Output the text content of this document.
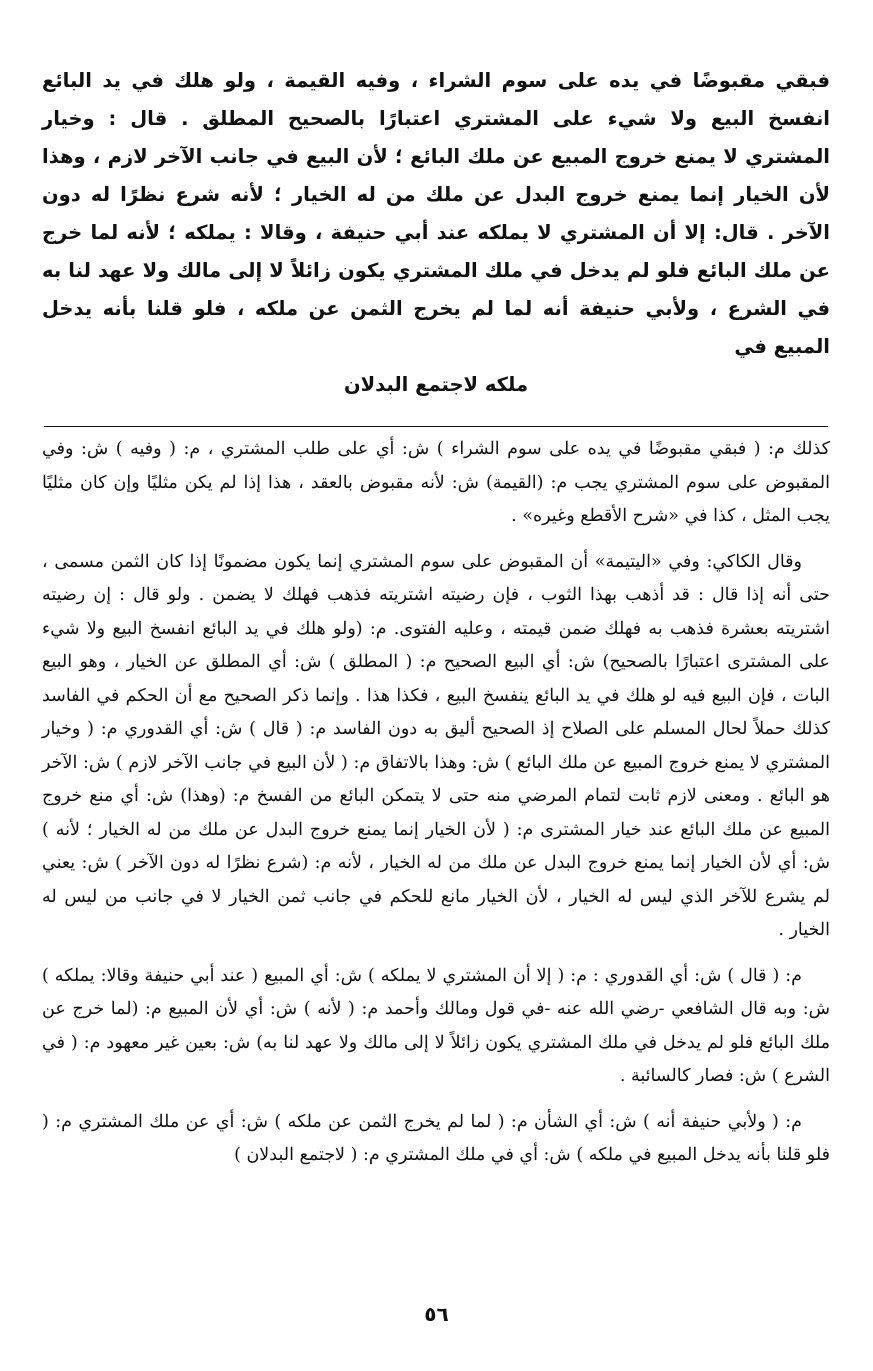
فبقي مقبوضًا في يده على سوم الشراء ، وفيه القيمة ، ولو هلك في يد البائع انفسخ البيع ولا شيء على المشتري اعتبارًا بالصحيح المطلق . قال : وخيار المشتري لا يمنع خروج المبيع عن ملك البائع ؛ لأن البيع في جانب الآخر لازم ، وهذا لأن الخيار إنما يمنع خروج البدل عن ملك من له الخيار ؛ لأنه شرع نظرًا له دون الآخر . قال: إلا أن المشتري لا يملكه عند أبي حنيفة ، وقالا : يملكه ؛ لأنه لما خرج عن ملك البائع فلو لم يدخل في ملك المشتري يكون زائلاً لا إلى مالك ولا عهد لنا به في الشرع ، ولأبي حنيفة أنه لما لم يخرج الثمن عن ملكه ، فلو قلنا بأنه يدخل المبيع في
ملكه لاجتمع البدلان

كذلك م: ( فبقي مقبوضًا في يده على سوم الشراء ) ش: أي على طلب المشتري ، م: ( وفيه ) ش: وفي المقبوض على سوم المشتري يجب م: (القيمة) ش: لأنه مقبوض بالعقد ، هذا إذا لم يكن مثليًا وإن كان مثليًا يجب المثل ، كذا في «شرح الأقطع وغيره» .

وقال الكاكي: وفي «اليتيمة» أن المقبوض على سوم المشتري إنما يكون مضمونًا إذا كان الثمن مسمى ، حتى أنه إذا قال : قد أذهب بهذا الثوب ، فإن رضيته اشتريته فذهب فهلك لا يضمن . ولو قال : إن رضيته اشتريته بعشرة فذهب به فهلك ضمن قيمته ، وعليه الفتوى. م: (ولو هلك في يد البائع انفسخ البيع ولا شيء على المشترى اعتبارًا بالصحيح) ش: أي البيع الصحيح م: ( المطلق ) ش: أي المطلق عن الخيار ، وهو البيع البات ، فإن البيع فيه لو هلك في يد البائع ينفسخ البيع ، فكذا هذا . وإنما ذكر الصحيح مع أن الحكم في الفاسد كذلك حملاً لحال المسلم على الصلاح إذ الصحيح أليق به دون الفاسد م: ( قال ) ش: أي القدوري م: ( وخيار المشتري لا يمنع خروج المبيع عن ملك البائع ) ش: وهذا بالاتفاق م: ( لأن البيع في جانب الآخر لازم ) ش: الآخر هو البائع . ومعنى لازم ثابت لتمام المرضي منه حتى لا يتمكن البائع من الفسخ م: (وهذا) ش: أي منع خروج المبيع عن ملك البائع عند خيار المشترى م: ( لأن الخيار إنما يمنع خروج البدل عن ملك من له الخيار ؛ لأنه ) ش: أي لأن الخيار إنما يمنع خروج البدل عن ملك من له الخيار ، لأنه م: (شرع نظرًا له دون الآخر ) ش: يعني لم يشرع للآخر الذي ليس له الخيار ، لأن الخيار مانع للحكم في جانب ثمن الخيار لا في جانب من ليس له الخيار .

م: ( قال ) ش: أي القدوري : م: ( إلا أن المشتري لا يملكه ) ش: أي المبيع ( عند أبي حنيفة وقالا: يملكه ) ش: وبه قال الشافعي -رضي الله عنه -في قول ومالك وأحمد م: ( لأنه ) ش: أي لأن المبيع م: (لما خرج عن ملك البائع فلو لم يدخل في ملك المشتري يكون زائلاً لا إلى مالك ولا عهد لنا به) ش: بعين غير معهود م: ( في الشرع ) ش: فصار كالسائبة .

م: ( ولأبي حنيفة أنه ) ش: أي الشأن م: ( لما لم يخرج الثمن عن ملكه ) ش: أي عن ملك المشتري م: ( فلو قلنا بأنه يدخل المبيع في ملكه ) ش: أي في ملك المشتري م: ( لاجتمع البدلان )

٥٦
